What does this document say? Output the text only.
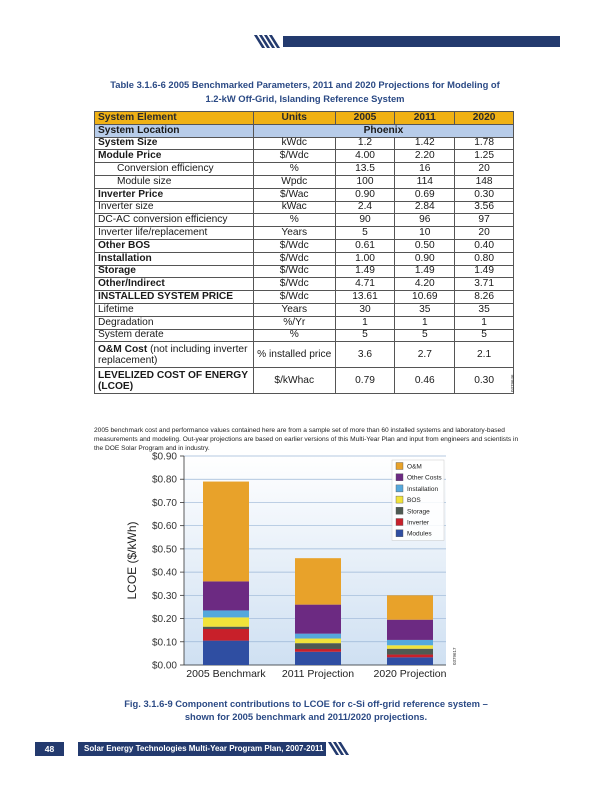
Table 3.1.6-6 2005 Benchmarked Parameters, 2011 and 2020 Projections for Modeling of
1.2-kW Off-Grid, Islanding Reference System
System Element	Units	2005	2011	2020
System Location	Phoenix			
System Size	kWdc	1.2	1.42	1.78
Module Price	$/Wdc	4.00	2.20	1.25
Conversion efficiency	%	13.5	16	20
Module size	Wpdc	100	114	148
Inverter Price	$/Wac	0.90	0.69	0.30
Inverter size	kWac	2.4	2.84	3.56
DC-AC conversion efficiency	%	90	96	97
Inverter life/replacement	Years	5	10	20
Other BOS	$/Wdc	0.61	0.50	0.40
Installation	$/Wdc	1.00	0.90	0.80
Storage	$/Wdc	1.49	1.49	1.49
Other/Indirect	$/Wdc	4.71	4.20	3.71
INSTALLED SYSTEM PRICE	$/Wdc	13.61	10.69	8.26
Lifetime	Years	30	35	35
Degradation	%/Yr	1	1	1
System derate	%	5	5	5
O&M Cost (not including inverter replacement)	% installed price	3.6	2.7	2.1
LEVELIZED COST OF ENERGY (LCOE)	$/kWhac	0.79	0.46	0.30	0379646
2005 benchmark cost and performance values contained here are from a sample set of more than 60 installed systems and laboratory-based measurements and modeling. Out-year projections are based on earlier versions of this Multi-Year Plan and input from engineers and scientists in the DOE Solar Program and in industry.
$0.00
$0.10
$0.20
$0.30
$0.40
$0.50
$0.60
$0.70
$0.80
$0.90
LCOE ($/kWh)
2005 Benchmark 2011 Projection 2020 Projection
O&M
Other Costs
Installation
BOS
Storage
Inverter
Modules
0379617
Fig. 3.1.6-9 Component contributions to LCOE for c-Si off-grid reference system –
shown for 2005 benchmark and 2011/2020 projections.
48	Solar Energy Technologies Multi-Year Program Plan, 2007-2011
